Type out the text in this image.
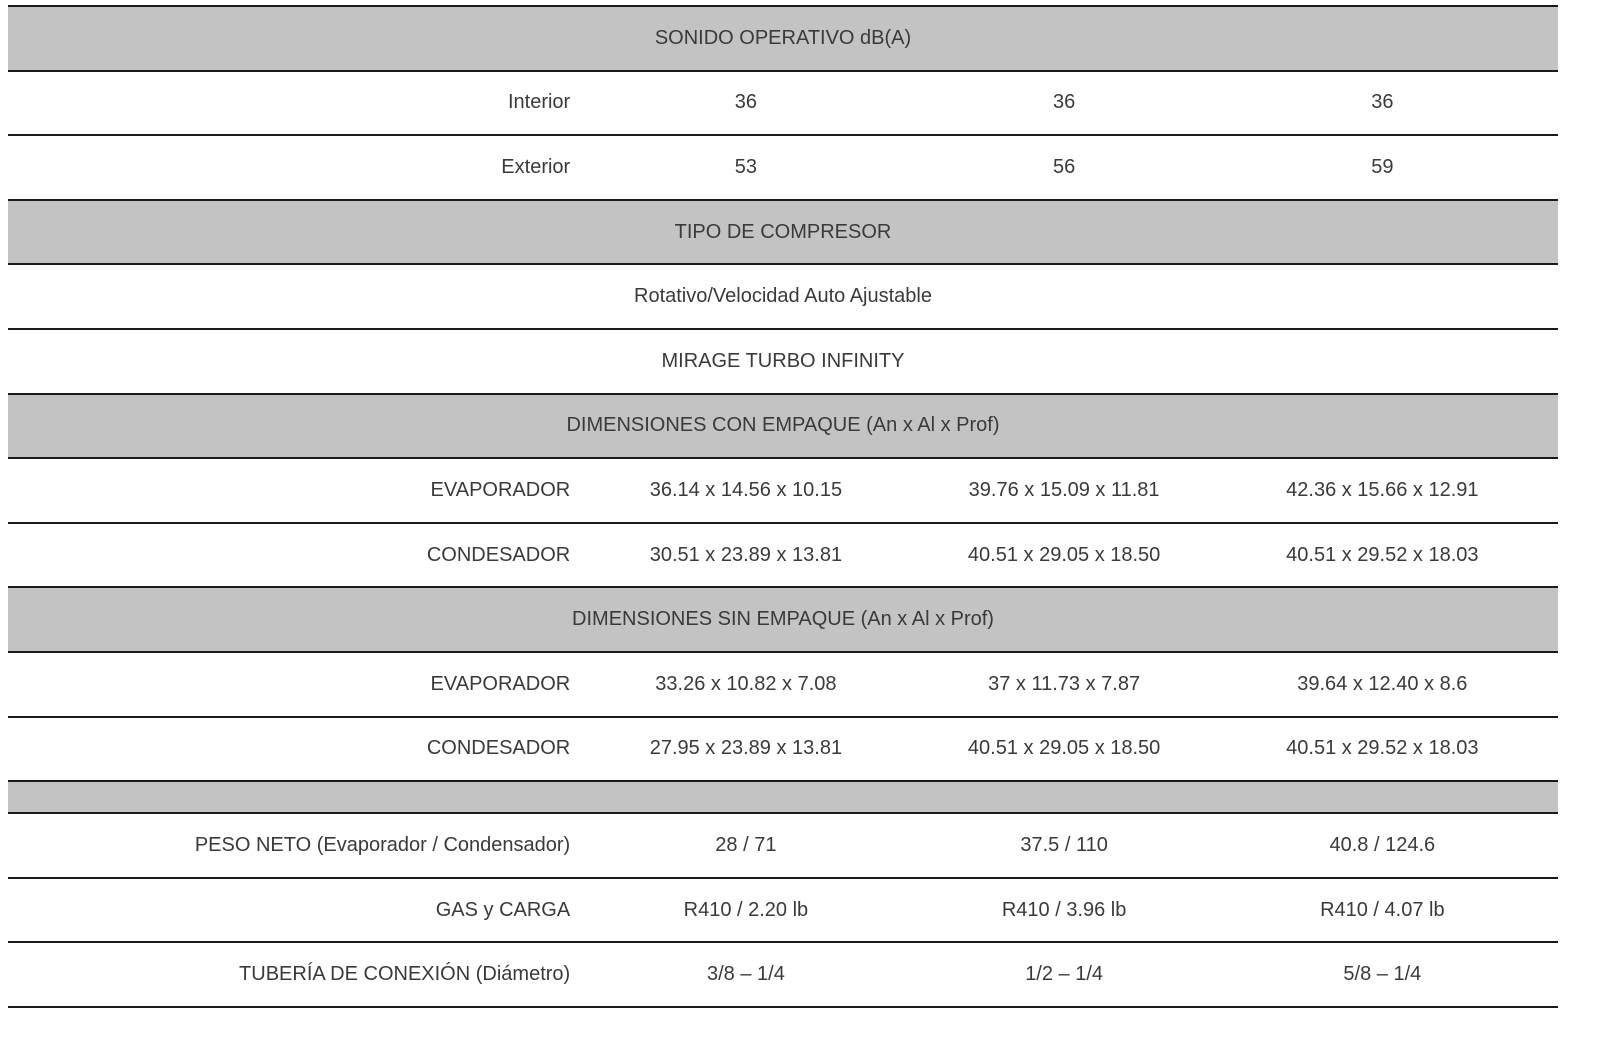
SONIDO OPERATIVO dB(A)
Interior	36	36	36
Exterior	53	56	59
TIPO DE COMPRESOR
Rotativo/Velocidad Auto Ajustable
MIRAGE TURBO INFINITY
DIMENSIONES CON EMPAQUE (An x Al x Prof)
EVAPORADOR	36.14 x 14.56 x 10.15	39.76 x 15.09 x 11.81	42.36 x 15.66 x 12.91
CONDESADOR	30.51 x 23.89 x 13.81	40.51 x 29.05 x 18.50	40.51 x 29.52 x 18.03
DIMENSIONES SIN EMPAQUE (An x Al x Prof)
EVAPORADOR	33.26 x 10.82 x 7.08	37 x 11.73 x 7.87	39.64 x 12.40 x 8.6
CONDESADOR	27.95 x 23.89 x 13.81	40.51 x 29.05 x 18.50	40.51 x 29.52 x 18.03
PESO NETO (Evaporador / Condensador)	28 / 71	37.5 / 110	40.8 / 124.6
GAS y CARGA	R410 / 2.20 lb	R410 / 3.96 lb	R410 / 4.07 lb
TUBERÍA DE CONEXIÓN (Diámetro)	3/8 – 1/4	1/2 – 1/4	5/8 – 1/4
